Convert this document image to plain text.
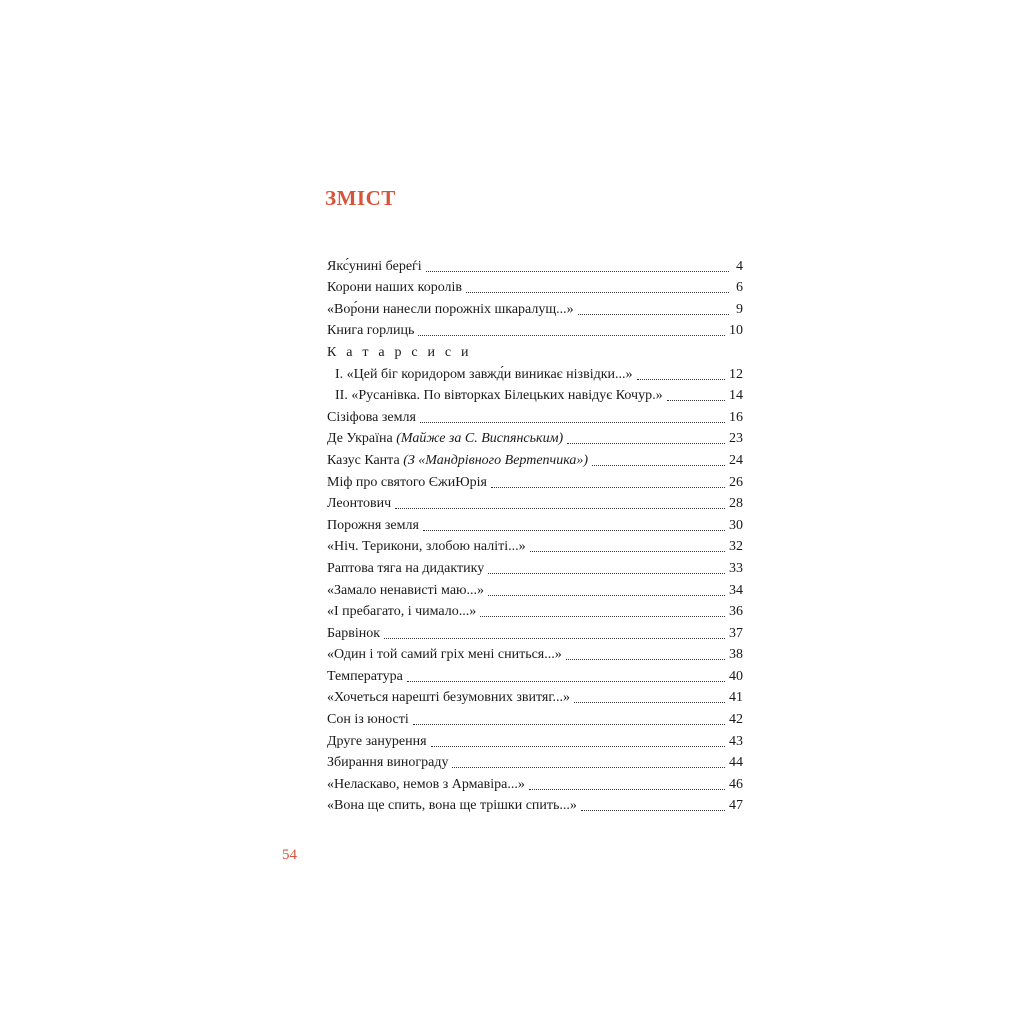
ЗМІСТ
Якс́унині береѓі	4
Корони наших королів	6
«Вор́они нанесли порожніх шкаралущ...»	9
Книга горлиць	10
К а т а р с и с и
I. «Цей біг коридором завжд́и виникає нізвідки...»	12
II. «Русанівка. По вівторках Білецьких навідує Кочур.»	14
Сізіфова земля	16
Де Україна (Майже за С. Виспянським)	23
Казус Канта (З «Мандрівного Вертепчика»)	24
Міф про святого ЄжиЮрія	26
Леонтович	28
Порожня земля	30
«Ніч. Терикони, злобою наліті...»	32
Раптова тяга на дидактику	33
«Замало ненависті маю...»	34
«І пребагато, і чимало...»	36
Барвінок	37
«Один і той самий гріх мені сниться...»	38
Температура	40
«Хочеться нарешті безумовних звитяг...»	41
Сон із юності	42
Друге занурення	43
Збирання винограду	44
«Неласкаво, немов з Армавіра...»	46
«Вона ще спить, вона ще трішки спить...»	47
54
